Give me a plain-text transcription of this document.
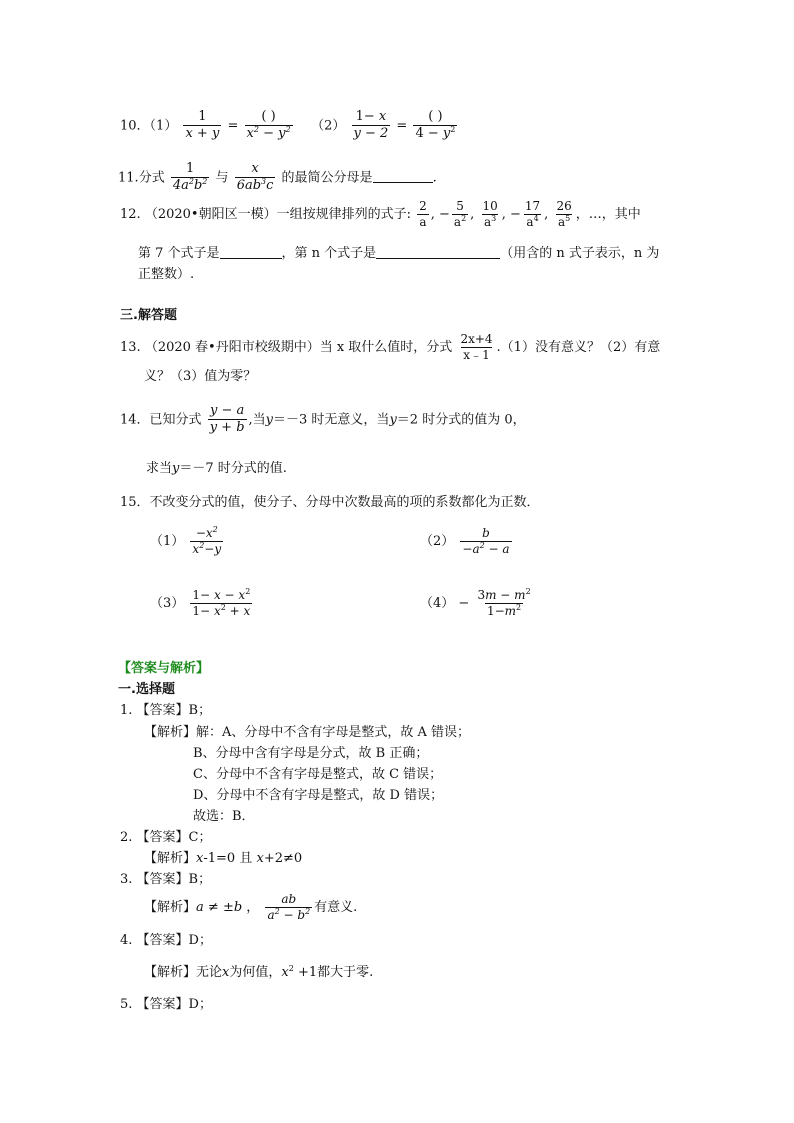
10．$(1) \frac{1}{x + y} = \frac{( )}{x^2 - y^2} (2) \frac{1- x}{y - 2} = \frac{( )}{4 - y^2}$
11.分式 $\frac{1}{4a^2b^2}$ 与 $\frac{x}{6ab^3c}$ 的最简公分母是	.
12. （2020•朝阳区一模）一组按规律排列的式子: $\frac{2}{a}$ , − $\frac{5}{a^2}$ , $\frac{10}{a^3}$ , − $\frac{17}{a^4}$ , $\frac{26}{a^5}$ ，…，其中
第 7 个式子是	，第 n 个式子是	（用含的 n 式子表示，n 为
正整数）.
三.解答题
13. （2020 春•丹阳市校级期中）当 x 取什么值时，分式 $\frac{2x+4}{x﹣1} .(1)$没有意义？（2）有意
义？（3）值为零？
14．已知分式 $\frac{y - a}{y + b}$ ,当y＝－3 时无意义，当y＝2 时分式的值为 0，
求当y＝－7 时分式的值.
15．不改变分式的值，使分子、分母中次数最高的项的系数都化为正数．
$(1) \frac{-x^2}{x^2-y}$	$(2) \frac{b}{-a^2 - a}$
$(3) \frac{1- x - x^2}{1- x^2 + x}$	$(4) - \frac{3m - m^2}{1-m^2}$
【答案与解析】
一.选择题
1. 【答案】B；
【解析】解：A、分母中不含有字母是整式，故 A 错误；
B、分母中含有字母是分式，故 B 正确；
C、分母中不含有字母是整式，故 C 错误；
D、分母中不含有字母是整式，故 D 错误；
故选：B．
2. 【答案】C；
【解析】x-1=0 且 x+2≠0
3. 【答案】B；
【解析】a ≠ ±b ， $\frac{ab}{a^2 - b^2}$ 有意义.
4. 【答案】D；
【解析】无论x为何值，$x^2 +1$都大于零.
5. 【答案】D；
